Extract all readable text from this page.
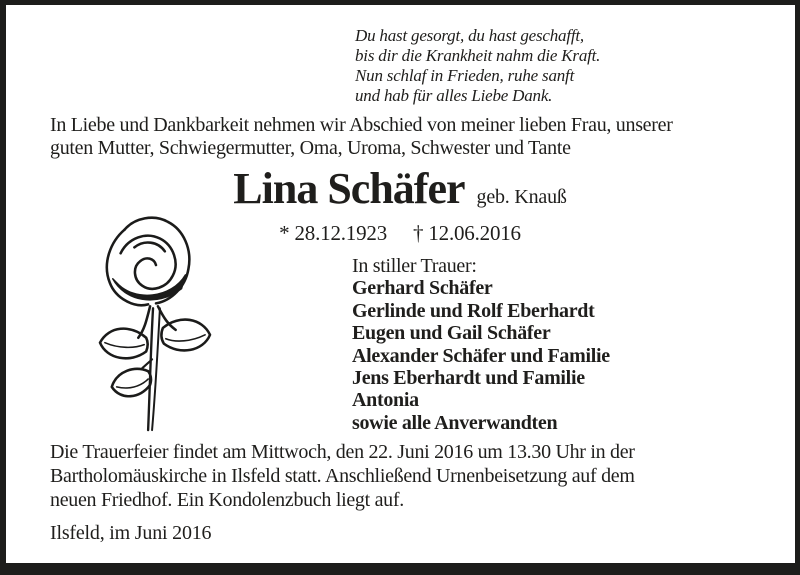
Du hast gesorgt, du hast geschafft,
bis dir die Krankheit nahm die Kraft.
Nun schlaf in Frieden, ruhe sanft
und hab für alles Liebe Dank.
In Liebe und Dankbarkeit nehmen wir Abschied von meiner lieben Frau, unserer
guten Mutter, Schwiegermutter, Oma, Uroma, Schwester und Tante
Lina Schäfer geb. Knauß
* 28.12.1923 † 12.06.2016
In stiller Trauer:
Gerhard Schäfer
Gerlinde und Rolf Eberhardt
Eugen und Gail Schäfer
Alexander Schäfer und Familie
Jens Eberhardt und Familie
Antonia
sowie alle Anverwandten
Die Trauerfeier findet am Mittwoch, den 22. Juni 2016 um 13.30 Uhr in der
Bartholomäuskirche in Ilsfeld statt. Anschließend Urnenbeisetzung auf dem
neuen Friedhof. Ein Kondolenzbuch liegt auf.
Ilsfeld, im Juni 2016
